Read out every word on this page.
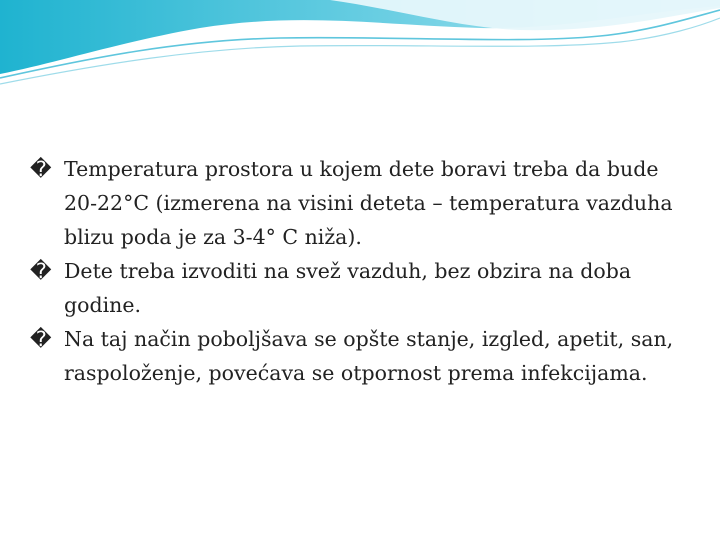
� Temperatura prostora u kojem dete boravi treba da bude 20-22°C (izmerena na visini deteta – temperatura vazduha blizu poda je za 3-4° C niža).
� Dete treba izvoditi na svež vazduh, bez obzira na doba godine.
� Na taj način poboljšava se opšte stanje, izgled, apetit, san, raspoloženje, povećava se otpornost prema infekcijama.
